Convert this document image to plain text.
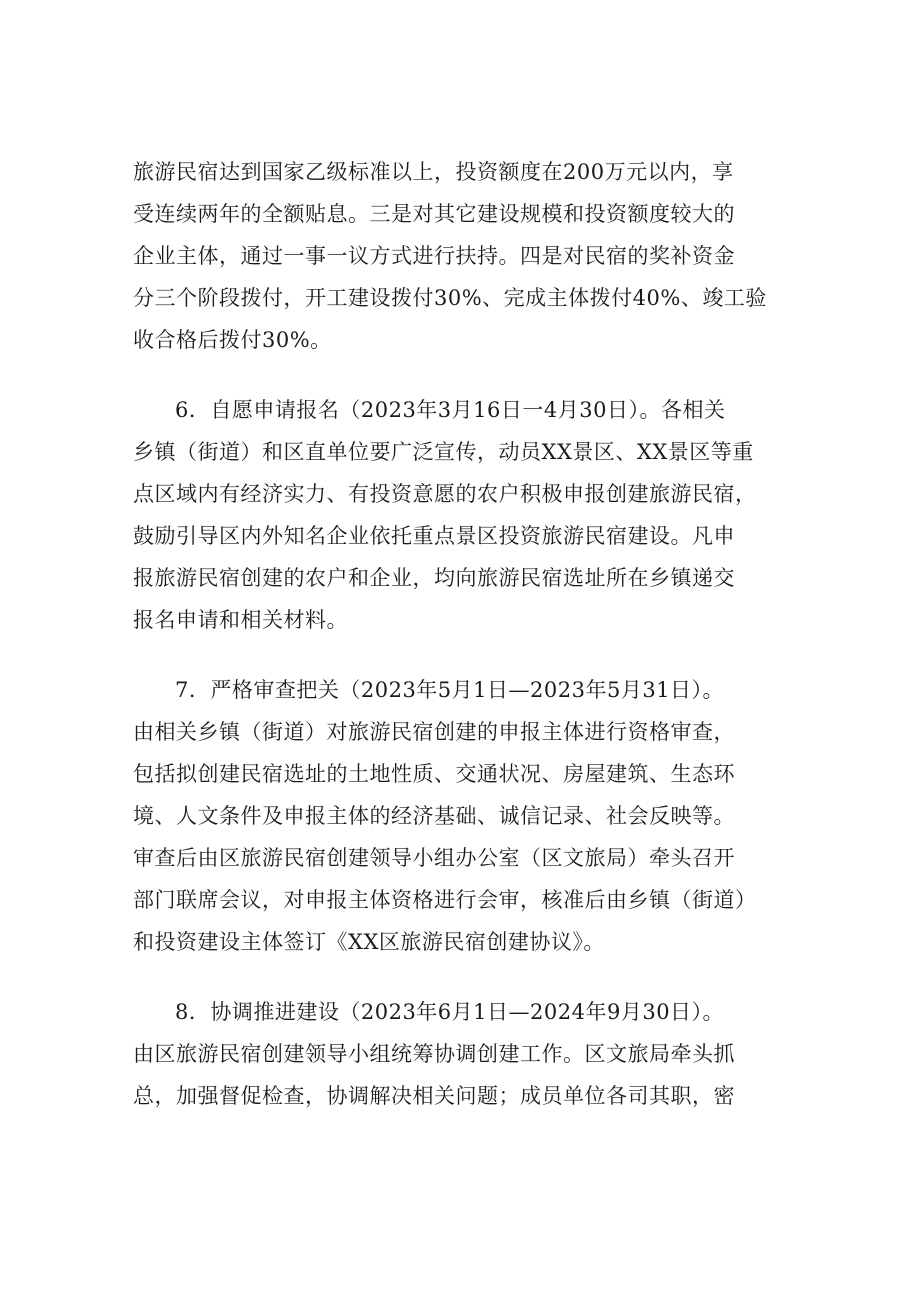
旅游民宿达到国家乙级标准以上，投资额度在200万元以内，享
受连续两年的全额贴息。三是对其它建设规模和投资额度较大的
企业主体，通过一事一议方式进行扶持。四是对民宿的奖补资金
分三个阶段拨付，开工建设拨付30%、完成主体拨付40%、竣工验
收合格后拨付30%。
6．自愿申请报名（2023年3月16日一4月30日）。各相关
乡镇（街道）和区直单位要广泛宣传，动员XX景区、XX景区等重
点区域内有经济实力、有投资意愿的农户积极申报创建旅游民宿，
鼓励引导区内外知名企业依托重点景区投资旅游民宿建设。凡申
报旅游民宿创建的农户和企业，均向旅游民宿选址所在乡镇递交
报名申请和相关材料。
7．严格审查把关（2023年5月1日—2023年5月31日）。
由相关乡镇（街道）对旅游民宿创建的申报主体进行资格审查，
包括拟创建民宿选址的土地性质、交通状况、房屋建筑、生态环
境、人文条件及申报主体的经济基础、诚信记录、社会反映等。
审查后由区旅游民宿创建领导小组办公室（区文旅局）牵头召开
部门联席会议，对申报主体资格进行会审，核准后由乡镇（街道）
和投资建设主体签订《XX区旅游民宿创建协议》。
8．协调推进建设（2023年6月1日—2024年9月30日）。
由区旅游民宿创建领导小组统筹协调创建工作。区文旅局牵头抓
总，加强督促检查，协调解决相关问题；成员单位各司其职，密
